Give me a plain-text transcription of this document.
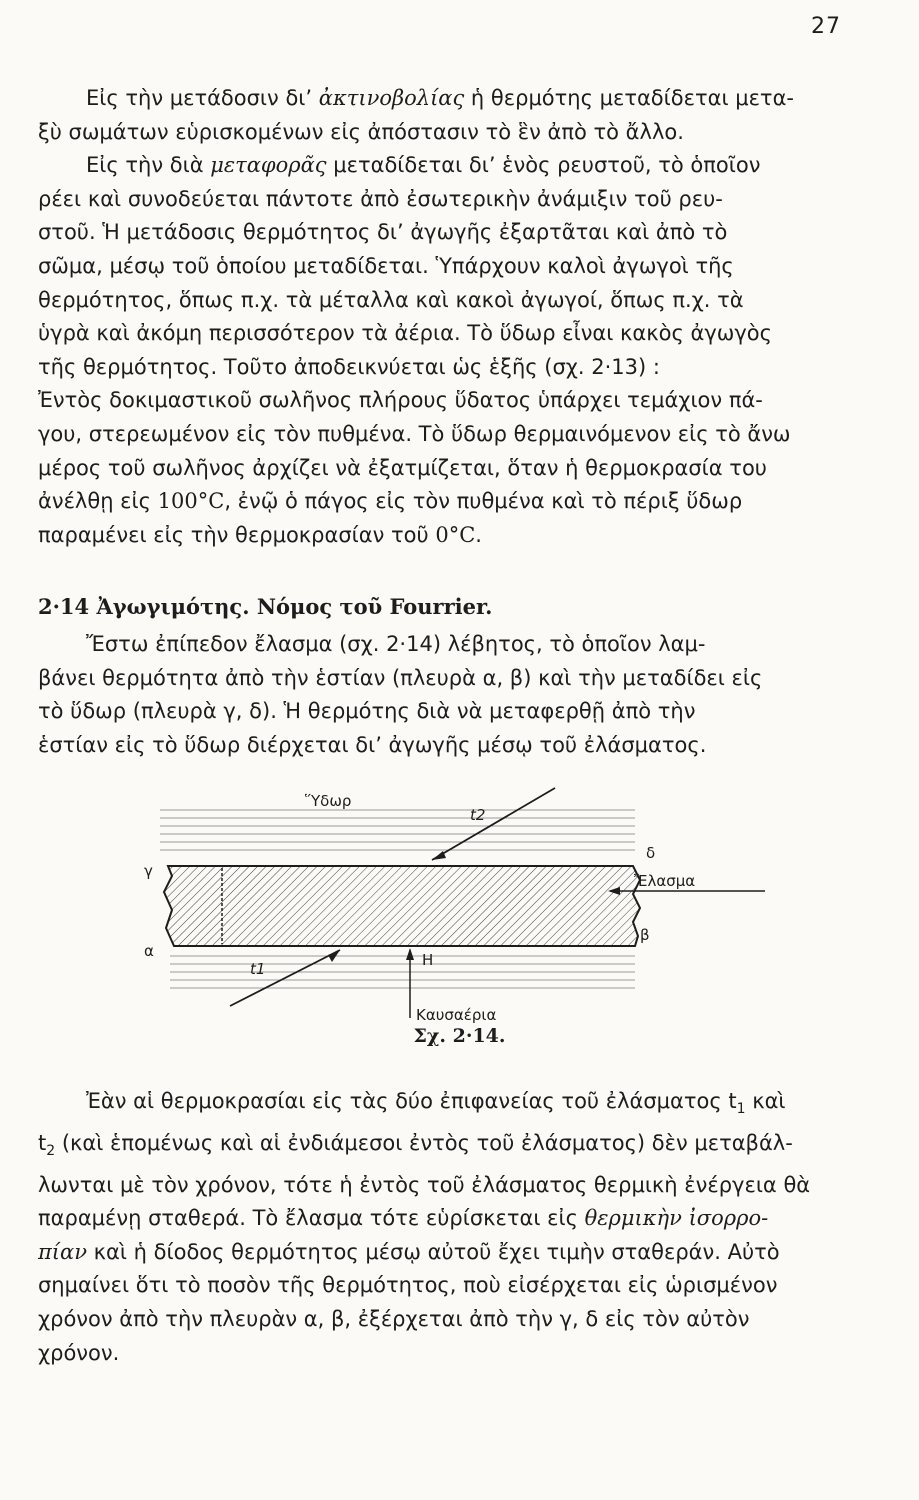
27

Εἰς τὴν μετάδοσιν δι’ ἀκτινοβολίας ἡ θερμότης μεταδίδεται μετα-
ξὺ σωμάτων εὑρισκομένων εἰς ἀπόστασιν τὸ ἓν ἀπὸ τὸ ἄλλο.
Εἰς τὴν διὰ μεταφορᾶς μεταδίδεται δι’ ἑνὸς ρευστοῦ, τὸ ὁποῖον
ρέει καὶ συνοδεύεται πάντοτε ἀπὸ ἐσωτερικὴν ἀνάμιξιν τοῦ ρευ-
στοῦ. Ἡ μετάδοσις θερμότητος δι’ ἀγωγῆς ἐξαρτᾶται καὶ ἀπὸ τὸ
σῶμα, μέσῳ τοῦ ὁποίου μεταδίδεται. Ὑπάρχουν καλοὶ ἀγωγοὶ τῆς
θερμότητος, ὅπως π.χ. τὰ μέταλλα καὶ κακοὶ ἀγωγοί, ὅπως π.χ. τὰ
ὑγρὰ καὶ ἀκόμη περισσότερον τὰ ἀέρια. Τὸ ὕδωρ εἶναι κακὸς ἀγωγὸς
τῆς θερμότητος. Τοῦτο ἀποδεικνύεται ὡς ἑξῆς (σχ. 2·13) :
Ἐντὸς δοκιμαστικοῦ σωλῆνος πλήρους ὕδατος ὑπάρχει τεμάχιον πά-
γου, στερεωμένον εἰς τὸν πυθμένα. Τὸ ὕδωρ θερμαινόμενον εἰς τὸ ἄνω
μέρος τοῦ σωλῆνος ἀρχίζει νὰ ἐξατμίζεται, ὅταν ἡ θερμοκρασία του
ἀνέλθῃ εἰς 100°C, ἐνῷ ὁ πάγος εἰς τὸν πυθμένα καὶ τὸ πέριξ ὕδωρ
παραμένει εἰς τὴν θερμοκρασίαν τοῦ 0°C.

2·14 Ἀγωγιμότης. Νόμος τοῦ Fourrier.

Ἔστω ἐπίπεδον ἔλασμα (σχ. 2·14) λέβητος, τὸ ὁποῖον λαμ-
βάνει θερμότητα ἀπὸ τὴν ἑστίαν (πλευρὰ α, β) καὶ τὴν μεταδίδει εἰς
τὸ ὕδωρ (πλευρὰ γ, δ). Ἡ θερμότης διὰ νὰ μεταφερθῇ ἀπὸ τὴν
ἑστίαν εἰς τὸ ὕδωρ διέρχεται δι’ ἀγωγῆς μέσῳ τοῦ ἐλάσματος.

Ὕδωρ
t2
δ
Ἔλασμα
γ
α
β
t1	H
Καυσαέρια
Σχ. 2·14.

Ἐὰν αἱ θερμοκρασίαι εἰς τὰς δύο ἐπιφανείας τοῦ ἐλάσματος $t_1$ καὶ
$t_2$ (καὶ ἑπομένως καὶ αἱ ἐνδιάμεσοι ἐντὸς τοῦ ἐλάσματος) δὲν μεταβάλ-
λωνται μὲ τὸν χρόνον, τότε ἡ ἐντὸς τοῦ ἐλάσματος θερμικὴ ἐνέργεια θὰ
παραμένῃ σταθερά. Τὸ ἔλασμα τότε εὑρίσκεται εἰς θερμικὴν ἰσορρο-
πίαν καὶ ἡ δίοδος θερμότητος μέσῳ αὐτοῦ ἔχει τιμὴν σταθεράν. Αὐτὸ
σημαίνει ὅτι τὸ ποσὸν τῆς θερμότητος, ποὺ εἰσέρχεται εἰς ὡρισμένον
χρόνον ἀπὸ τὴν πλευρὰν α, β, ἐξέρχεται ἀπὸ τὴν γ, δ εἰς τὸν αὐτὸν
χρόνον.
